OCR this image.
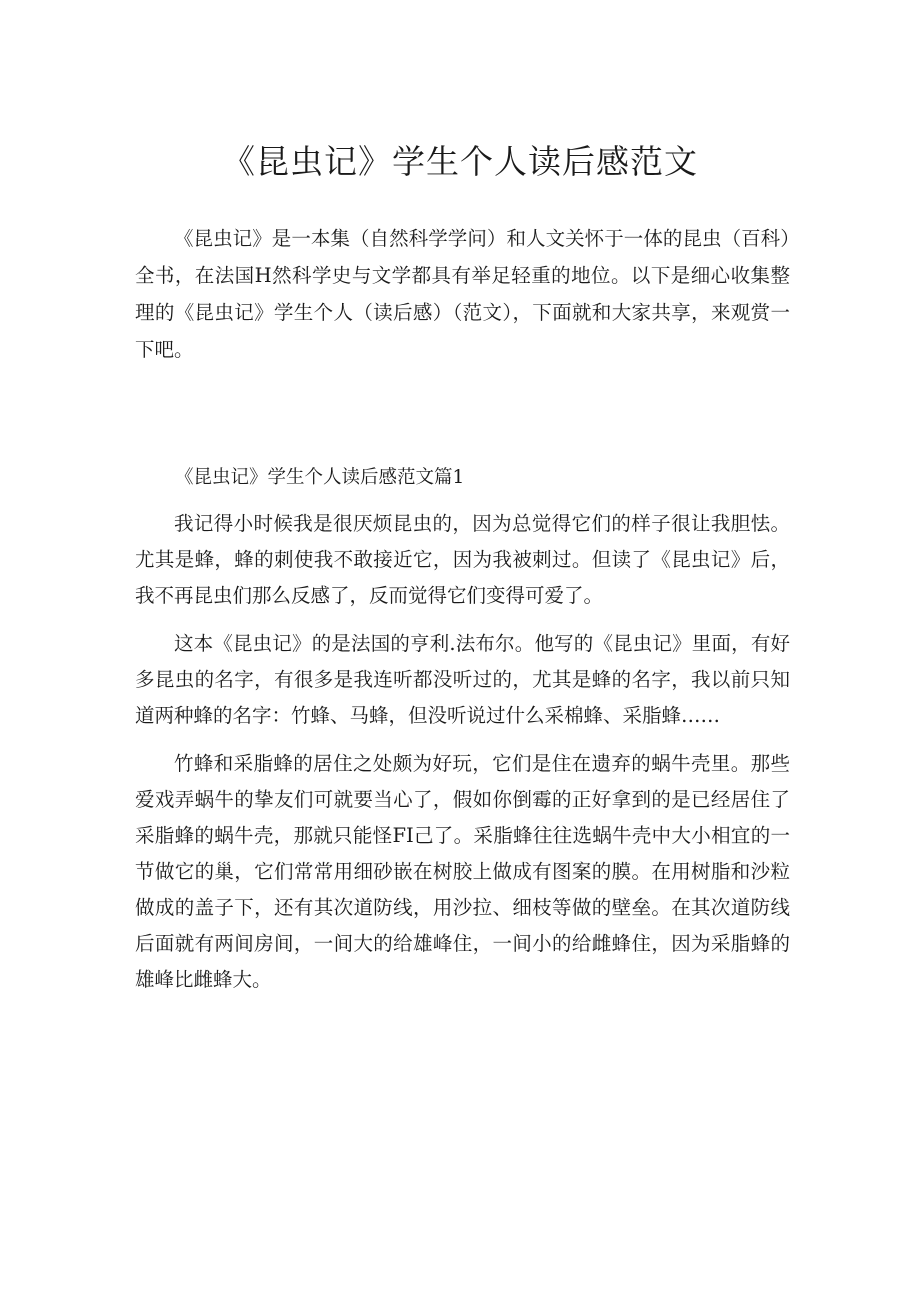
《昆虫记》学生个人读后感范文

《昆虫记》是一本集（自然科学学问）和人文关怀于一体的昆虫（百科）全书，在法国H然科学史与文学都具有举足轻重的地位。以下是细心收集整理的《昆虫记》学生个人（读后感）（范文），下面就和大家共享，来观赏一下吧。

《昆虫记》学生个人读后感范文篇1

我记得小时候我是很厌烦昆虫的，因为总觉得它们的样子很让我胆怯。尤其是蜂，蜂的刺使我不敢接近它，因为我被刺过。但读了《昆虫记》后，我不再昆虫们那么反感了，反而觉得它们变得可爱了。

这本《昆虫记》的是法国的亨利.法布尔。他写的《昆虫记》里面，有好多昆虫的名字，有很多是我连听都没听过的，尤其是蜂的名字，我以前只知道两种蜂的名字：竹蜂、马蜂，但没听说过什么采棉蜂、采脂蜂……

竹蜂和采脂蜂的居住之处颇为好玩，它们是住在遗弃的蜗牛壳里。那些爱戏弄蜗牛的挚友们可就要当心了，假如你倒霉的正好拿到的是已经居住了采脂蜂的蜗牛壳，那就只能怪FI己了。采脂蜂往往选蜗牛壳中大小相宜的一节做它的巢，它们常常用细砂嵌在树胶上做成有图案的膜。在用树脂和沙粒做成的盖子下，还有其次道防线，用沙拉、细枝等做的壁垒。在其次道防线后面就有两间房间，一间大的给雄峰住，一间小的给雌蜂住，因为采脂蜂的雄峰比雌蜂大。
